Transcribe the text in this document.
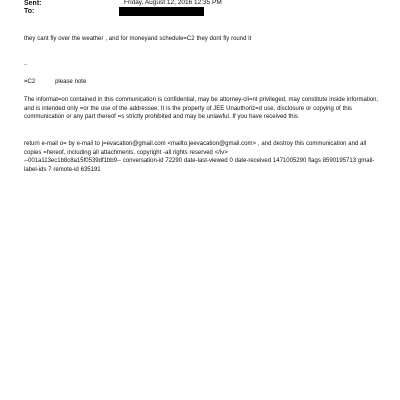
Sent:	Friday, August 12, 2016 12:35 PM
To:
they cant fly over the weather , and for moneyand schedule=C2 they dont fly round it
..
=C2	please note
The informat=on contained in this communication is confidential, may be attorney-cli=nt privileged, may constitute inside information, and is intended only =or the use of the addressee. It is the property of JEE Unauthoriz=d use, disclosure or copying of this communication or any part thereof =s strictly prohibited and may be unlawful. If you have received this
return e-mail o= by e-mail to j=evacation@gmail.com <mailto:jeevacation@gmail.com> , and destroy this communication and all copies =hereof, including all attachments. copyright -all rights reserved </iv>
--001a113ec1b8c8a15f0539df1bb9-- conversation-id 72290 date-last-viewed 0 date-received 1471005290 flags 8590195713 gmail-label-ids 7 remote-id 635191
